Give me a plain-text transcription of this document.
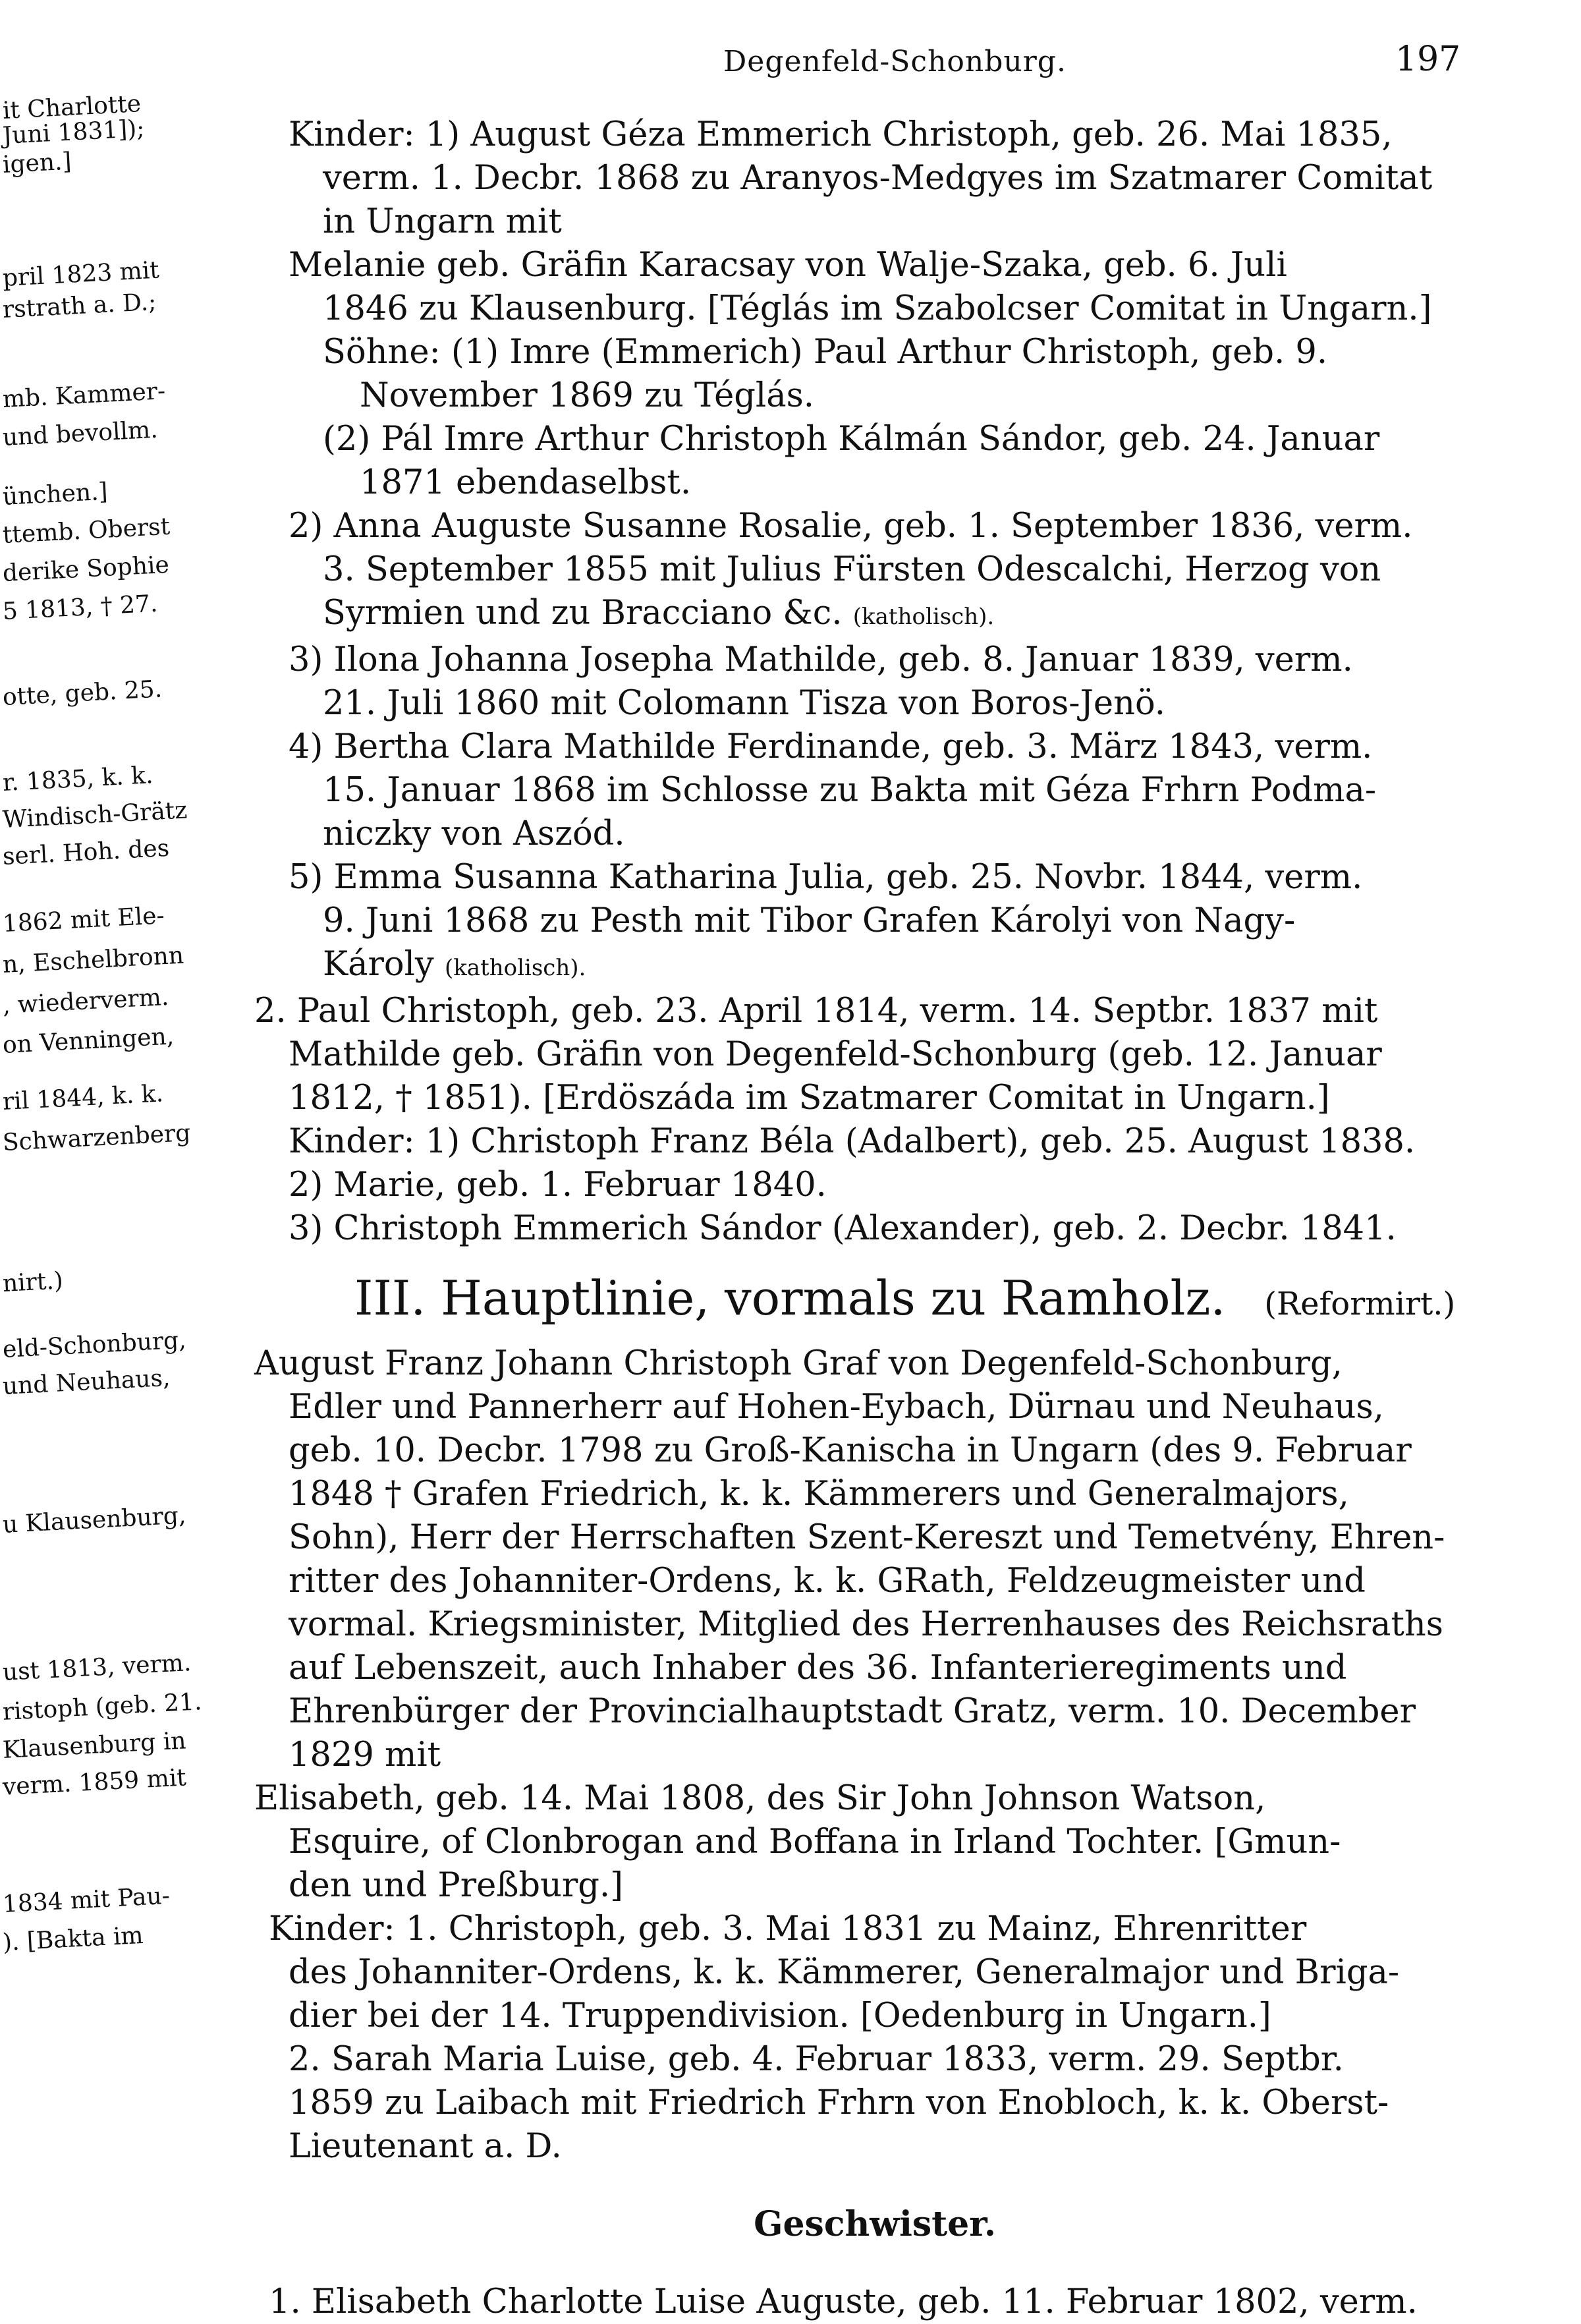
it Charlotte
Juni 1831]);
igen.]
pril 1823 mit
rstrath a. D.;
mb. Kammer-
und bevollm.
ünchen.]
ttemb. Oberst
derike Sophie
5 1813, † 27.
otte, geb. 25.
r. 1835, k. k.
Windisch-Grätz
serl. Hoh. des
1862 mit Ele-
n, Eschelbronn
, wiederverm.
on Venningen,
ril 1844, k. k.
Schwarzenberg
nirt.)
eld-Schonburg,
und Neuhaus,
u Klausenburg,
ust 1813, verm.
ristoph (geb. 21.
Klausenburg in
verm. 1859 mit
1834 mit Pau-
). [Bakta im
Degenfeld-Schonburg.	197

Kinder: 1) August Géza Emmerich Christoph, geb. 26. Mai 1835,

verm. 1. Decbr. 1868 zu Aranyos-Medgyes im Szatmarer Comitat

in Ungarn mit

Melanie geb. Gräfin Karacsay von Walje-Szaka, geb. 6. Juli

1846 zu Klausenburg. [Téglás im Szabolcser Comitat in Ungarn.]

Söhne: (1) Imre (Emmerich) Paul Arthur Christoph, geb. 9.

November 1869 zu Téglás.

(2) Pál Imre Arthur Christoph Kálmán Sándor, geb. 24. Januar

1871 ebendaselbst.

2) Anna Auguste Susanne Rosalie, geb. 1. September 1836, verm.

3. September 1855 mit Julius Fürsten Odescalchi, Herzog von

Syrmien und zu Bracciano &c. (katholisch).

3) Ilona Johanna Josepha Mathilde, geb. 8. Januar 1839, verm.

21. Juli 1860 mit Colomann Tisza von Boros-Jenö.

4) Bertha Clara Mathilde Ferdinande, geb. 3. März 1843, verm.

15. Januar 1868 im Schlosse zu Bakta mit Géza Frhrn Podma-

niczky von Aszód.

5) Emma Susanna Katharina Julia, geb. 25. Novbr. 1844, verm.

9. Juni 1868 zu Pesth mit Tibor Grafen Károlyi von Nagy-

Károly (katholisch).

2. Paul Christoph, geb. 23. April 1814, verm. 14. Septbr. 1837 mit

Mathilde geb. Gräfin von Degenfeld-Schonburg (geb. 12. Januar

1812, † 1851). [Erdöszáda im Szatmarer Comitat in Ungarn.]

Kinder: 1) Christoph Franz Béla (Adalbert), geb. 25. August 1838.

2) Marie, geb. 1. Februar 1840.

3) Christoph Emmerich Sándor (Alexander), geb. 2. Decbr. 1841.

III. Hauptlinie, vormals zu Ramholz. (Reformirt.)

August Franz Johann Christoph Graf von Degenfeld-Schonburg,

Edler und Pannerherr auf Hohen-Eybach, Dürnau und Neuhaus,

geb. 10. Decbr. 1798 zu Groß-Kanischa in Ungarn (des 9. Februar

1848 † Grafen Friedrich, k. k. Kämmerers und Generalmajors,

Sohn), Herr der Herrschaften Szent-Kereszt und Temetvény, Ehren-

ritter des Johanniter-Ordens, k. k. GRath, Feldzeugmeister und

vormal. Kriegsminister, Mitglied des Herrenhauses des Reichsraths

auf Lebenszeit, auch Inhaber des 36. Infanterieregiments und

Ehrenbürger der Provincialhauptstadt Gratz, verm. 10. December

1829 mit

Elisabeth, geb. 14. Mai 1808, des Sir John Johnson Watson,

Esquire, of Clonbrogan and Boffana in Irland Tochter. [Gmun-

den und Preßburg.]

Kinder: 1. Christoph, geb. 3. Mai 1831 zu Mainz, Ehrenritter

des Johanniter-Ordens, k. k. Kämmerer, Generalmajor und Briga-

dier bei der 14. Truppendivision. [Oedenburg in Ungarn.]

2. Sarah Maria Luise, geb. 4. Februar 1833, verm. 29. Septbr.

1859 zu Laibach mit Friedrich Frhrn von Enobloch, k. k. Oberst-

Lieutenant a. D.

Geschwister.

1. Elisabeth Charlotte Luise Auguste, geb. 11. Februar 1802, verm.
